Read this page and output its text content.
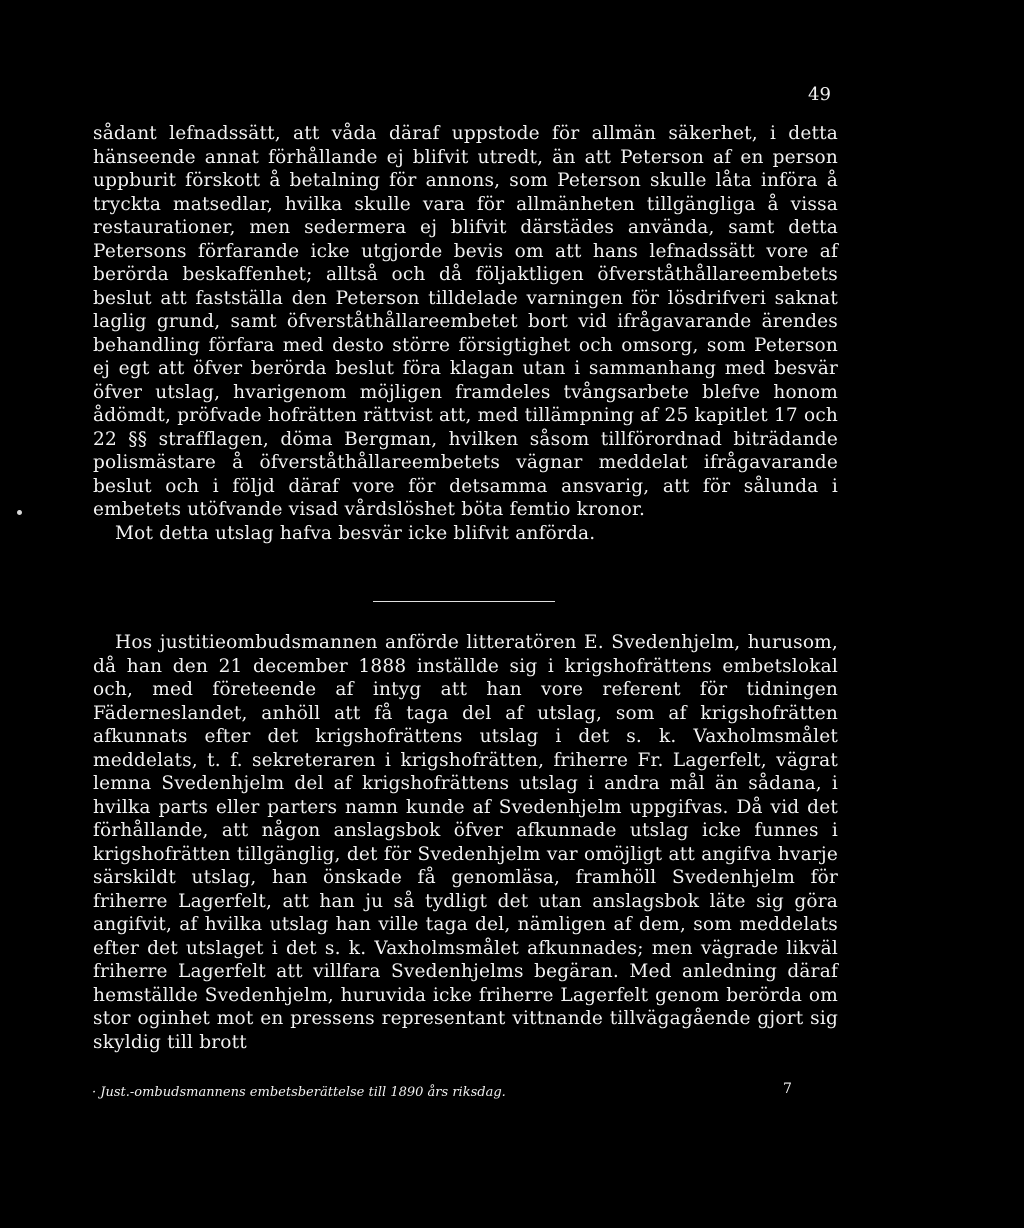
49

sådant lefnadssätt, att våda däraf uppstode för allmän säkerhet, i detta hänseende annat förhållande ej blifvit utredt, än att Peterson af en person uppburit förskott å betalning för annons, som Peterson skulle låta införa å tryckta matsedlar, hvilka skulle vara för allmänheten tillgängliga å vissa restaurationer, men sedermera ej blifvit därstädes använda, samt detta Petersons förfarande icke utgjorde bevis om att hans lefnadssätt vore af berörda beskaffenhet; alltså och då följaktligen öfverståthållareembetets beslut att fastställa den Peterson tilldelade varningen för lösdrifveri saknat laglig grund, samt öfverståthållareembetet bort vid ifrågavarande ärendes behandling förfara med desto större försigtighet och omsorg, som Peterson ej egt att öfver berörda beslut föra klagan utan i sammanhang med besvär öfver utslag, hvarigenom möjligen framdeles tvångsarbete blefve honom ådömdt, pröfvade hofrätten rättvist att, med tillämpning af 25 kapitlet 17 och 22 §§ strafflagen, döma Bergman, hvilken såsom tillförordnad biträdande polismästare å öfverståthållareembetets vägnar meddelat ifrågavarande beslut och i följd däraf vore för detsamma ansvarig, att för sålunda i embetets utöfvande visad vårdslöshet böta femtio kronor.

Mot detta utslag hafva besvär icke blifvit anförda.

Hos justitieombudsmannen anförde litteratören E. Svedenhjelm, hurusom, då han den 21 december 1888 inställde sig i krigshofrättens embetslokal och, med företeende af intyg att han vore referent för tidningen Fäderneslandet, anhöll att få taga del af utslag, som af krigshofrätten afkunnats efter det krigshofrättens utslag i det s. k. Vaxholmsmålet meddelats, t. f. sekreteraren i krigshofrätten, friherre Fr. Lagerfelt, vägrat lemna Svedenhjelm del af krigshofrättens utslag i andra mål än sådana, i hvilka parts eller parters namn kunde af Svedenhjelm uppgifvas. Då vid det förhållande, att någon anslagsbok öfver afkunnade utslag icke funnes i krigshofrätten tillgänglig, det för Svedenhjelm var omöjligt att angifva hvarje särskildt utslag, han önskade få genomläsa, framhöll Svedenhjelm för friherre Lagerfelt, att han ju så tydligt det utan anslagsbok läte sig göra angifvit, af hvilka utslag han ville taga del, nämligen af dem, som meddelats efter det utslaget i det s. k. Vaxholmsmålet afkunnades; men vägrade likväl friherre Lagerfelt att villfara Svedenhjelms begäran. Med anledning däraf hemställde Svedenhjelm, huruvida icke friherre Lagerfelt genom berörda om stor oginhet mot en pressens representant vittnande tillvägagående gjort sig skyldig till brott

· Just.-ombudsmannens embetsberättelse till 1890 års riksdag.	7
